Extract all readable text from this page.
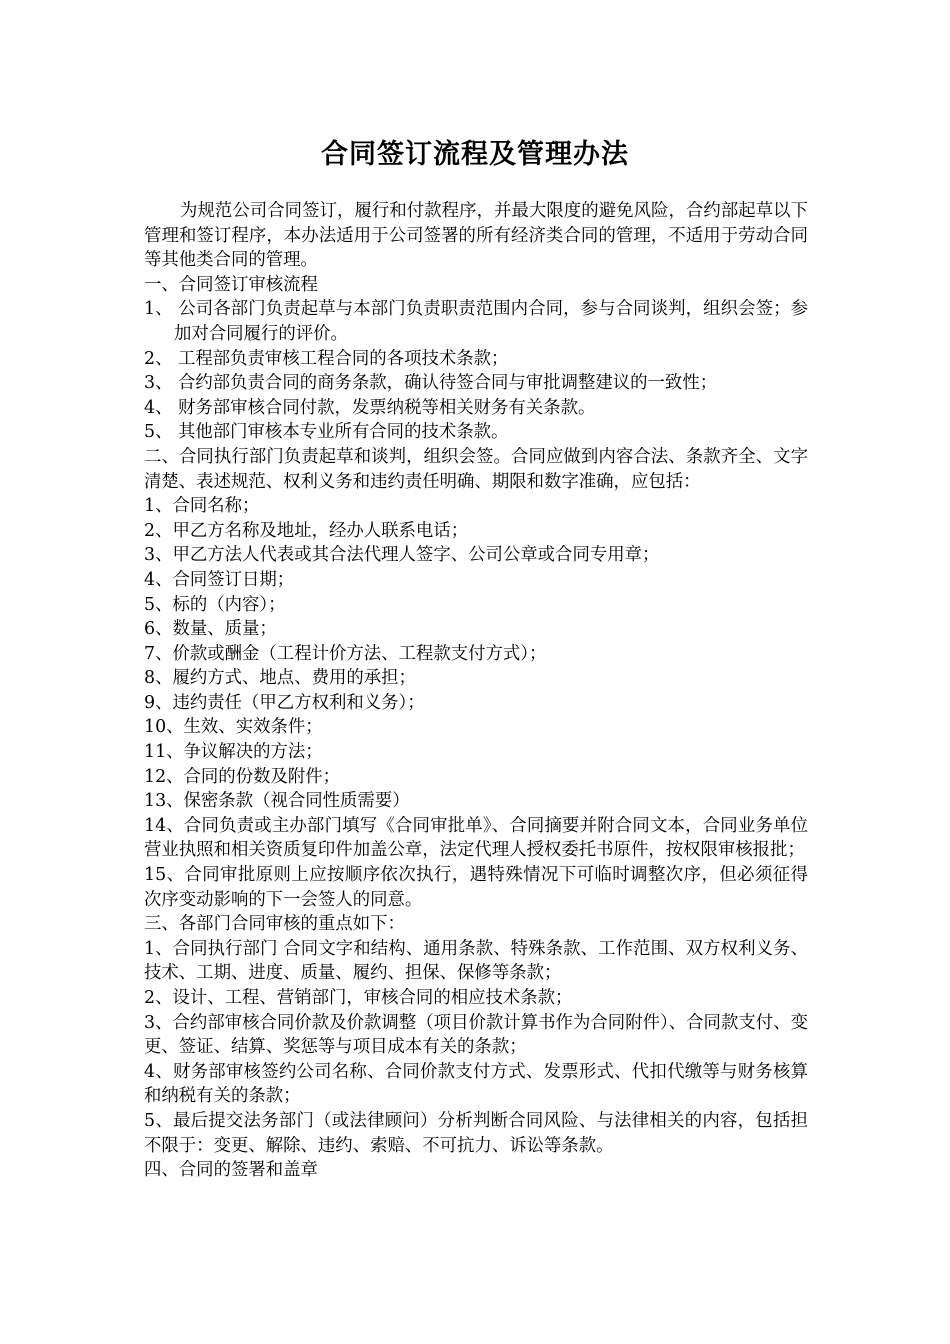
合同签订流程及管理办法

为规范公司合同签订，履行和付款程序，并最大限度的避免风险，合约部起草以下管理和签订程序，本办法适用于公司签署的所有经济类合同的管理，不适用于劳动合同等其他类合同的管理。

一、合同签订审核流程

1、 公司各部门负责起草与本部门负责职责范围内合同，参与合同谈判，组织会签；参加对合同履行的评价。

2、 工程部负责审核工程合同的各项技术条款；

3、 合约部负责合同的商务条款，确认待签合同与审批调整建议的一致性；

4、 财务部审核合同付款，发票纳税等相关财务有关条款。

5、 其他部门审核本专业所有合同的技术条款。

二、合同执行部门负责起草和谈判，组织会签。合同应做到内容合法、条款齐全、文字清楚、表述规范、权利义务和违约责任明确、期限和数字准确，应包括：

1、合同名称；

2、甲乙方名称及地址，经办人联系电话；

3、甲乙方法人代表或其合法代理人签字、公司公章或合同专用章；

4、合同签订日期；

5、标的（内容）；

6、数量、质量；

7、价款或酬金（工程计价方法、工程款支付方式）；

8、履约方式、地点、费用的承担；

9、违约责任（甲乙方权利和义务）；

10、生效、实效条件；

11、争议解决的方法；

12、合同的份数及附件；

13、保密条款（视合同性质需要）

14、合同负责或主办部门填写《合同审批单》、合同摘要并附合同文本，合同业务单位营业执照和相关资质复印件加盖公章，法定代理人授权委托书原件，按权限审核报批；

15、合同审批原则上应按顺序依次执行，遇特殊情况下可临时调整次序，但必须征得次序变动影响的下一会签人的同意。

三、各部门合同审核的重点如下：

1、合同执行部门 合同文字和结构、通用条款、特殊条款、工作范围、双方权利义务、技术、工期、进度、质量、履约、担保、保修等条款；

2、设计、工程、营销部门，审核合同的相应技术条款；

3、合约部审核合同价款及价款调整（项目价款计算书作为合同附件）、合同款支付、变更、签证、结算、奖惩等与项目成本有关的条款；

4、财务部审核签约公司名称、合同价款支付方式、发票形式、代扣代缴等与财务核算和纳税有关的条款；

5、最后提交法务部门（或法律顾问）分析判断合同风险、与法律相关的内容，包括担不限于：变更、解除、违约、索赔、不可抗力、诉讼等条款。

四、合同的签署和盖章
